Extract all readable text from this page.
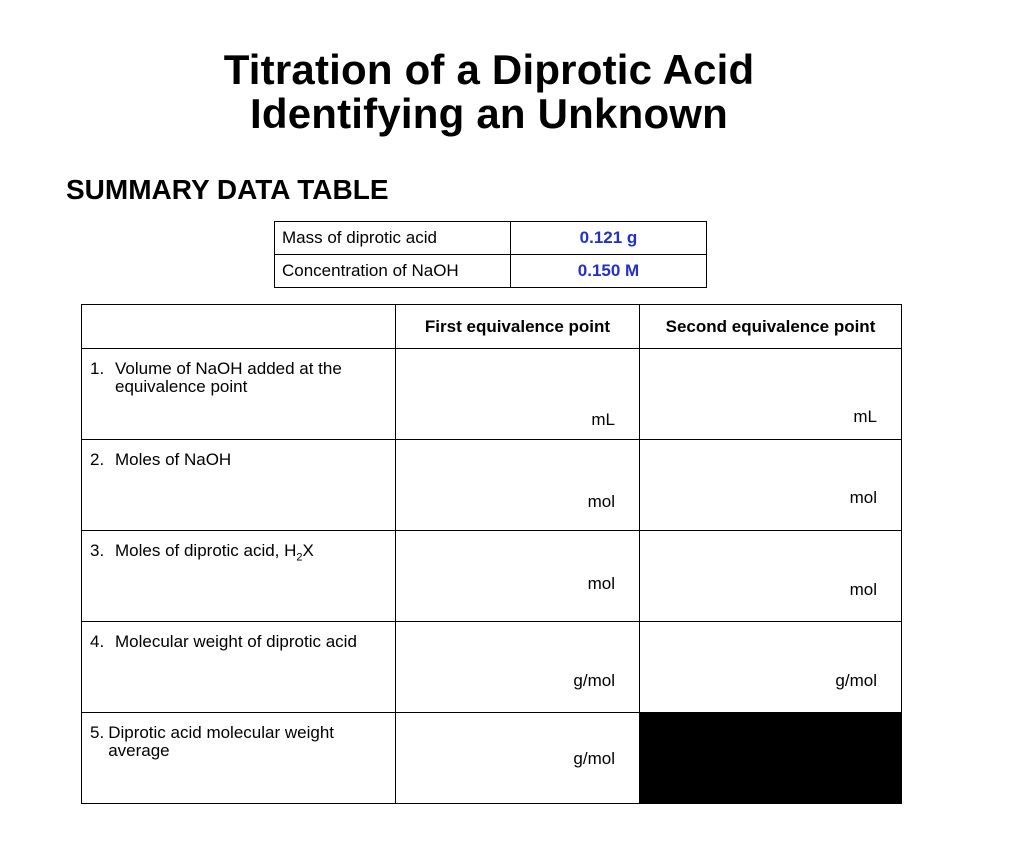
Titration of a Diprotic Acid
Identifying an Unknown
SUMMARY DATA TABLE
Mass of diprotic acid	0.121 g
Concentration of NaOH	0.150 M
	First equivalence point	Second equivalence point

1. Volume of NaOH added at the equivalence point	mL	mL

2. Moles of NaOH	mol	mol

3. Moles of diprotic acid, $H_2X$	mol	mol

4. Molecular weight of diprotic acid	g/mol	g/mol

5. Diprotic acid molecular weight average	g/mol	
